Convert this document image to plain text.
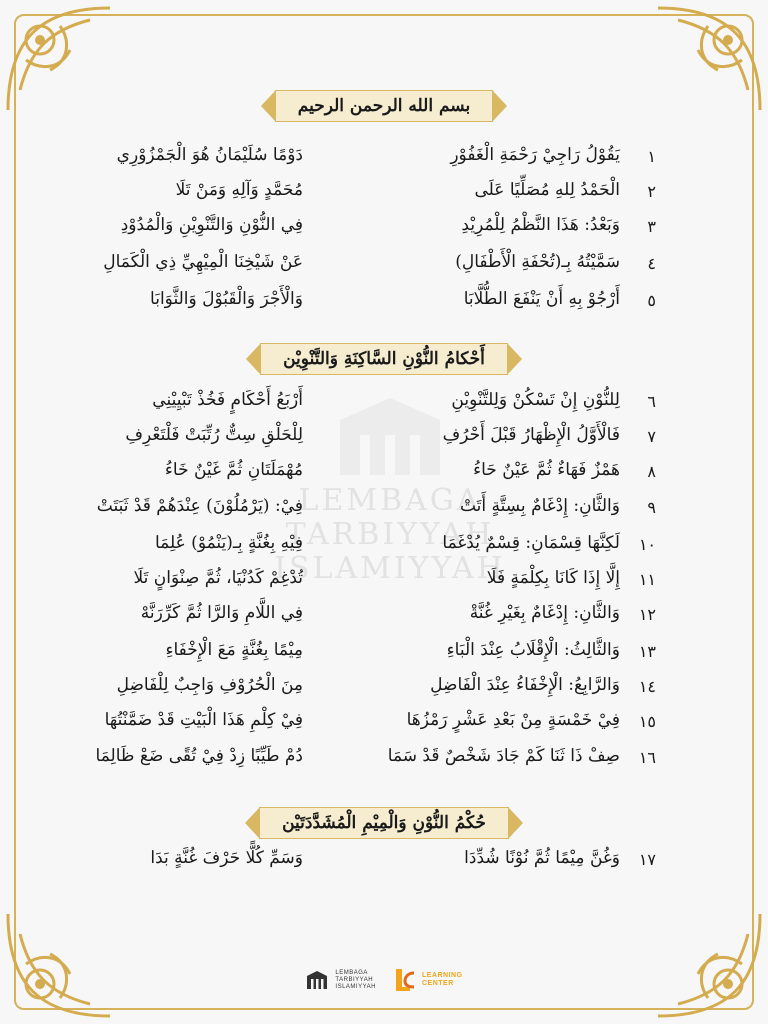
LEMBAGA
TARBIYYAH
ISLAMIYYAH
بسم الله الرحمن الرحيم
أَحْكامُ النُّوْنِ السَّاكِنَةِ وَالتَّنْوِيْن
حُكْمُ النُّوْنِ وَالْمِيْمِ الْمُشَدَّدَتَيْن
١
يَقُوْلُ رَاجِيْ رَحْمَةِ الْغَفُوْرِ
دَوْمًا سُلَيْمَانُ هُوَ الْجَمْزُوْرِي
٢
الْحَمْدُ لِلهِ مُصَلِّيًا عَلَى
مُحَمَّدٍ وَآلِهِ وَمَنْ تَلَا
٣
وَبَعْدُ: هَذَا النَّظْمُ لِلْمُرِيْدِ
فِي النُّوْنِ وَالتَّنْوِيْنِ وَالْمُدُوْدِ
٤
سَمَّيْتُهُ بِـ(تُحْفَةِ الْأَطْفَالِ)
عَنْ شَيْخِنَا الْمِيْهِيِّ ذِي الْكَمَالِ
٥
أَرْجُوْ بِهِ أَنْ يَنْفَعَ الطُّلَّابَا
وَالْأَجْرَ وَالْقَبُوْلَ وَالثَّوَابَا
٦
لِلنُّوْنِ إِنْ تَسْكُنْ وَلِلتَّنْوِيْنِ
أَرْبَعُ أَحْكَامٍ فَخُذْ تَبْيِيْنِي
٧
فَالْأَوَّلُ الْإِظْهَارُ قَبْلَ أَحْرُفِ
لِلْحَلْقِ سِتٌّ رُتِّبَتْ فَلْتَعْرِفِ
٨
هَمْزٌ فَهَاءٌ ثُمَّ عَيْنٌ حَاءُ
مُهْمَلَتَانِ ثُمَّ غَيْنٌ خَاءُ
٩
وَالثَّانِ: إِدْغَامٌ بِسِتَّةٍ أَتَتْ
فِيْ: (يَرْمُلُوْنَ) عِنْدَهُمْ قَدْ ثَبَتَتْ
١٠
لَكِنَّهَا قِسْمَانِ: قِسْمٌ يُدْغَمَا
فِيْهِ بِغُنَّةٍ بِـ(يَنْمُوْ) عُلِمَا
١١
إِلَّا إِذَا كَانَا بِكِلْمَةٍ فَلَا
تُدْغِمْ كَدُنْيَا، ثُمَّ صِنْوَانٍ تَلَا
١٢
وَالثَّانِ: إِدْغَامٌ بِغَيْرِ غُنَّةْ
فِي اللَّامِ وَالرَّا ثُمَّ كَرِّرَنَّهْ
١٣
وَالثَّالِثُ: الْإِقْلَابُ عِنْدَ الْبَاءِ
مِيْمًا بِغُنَّةٍ مَعَ الْإِخْفَاءِ
١٤
وَالرَّابِعُ: الْإِخْفَاءُ عِنْدَ الْفَاضِلِ
مِنَ الْحُرُوْفِ وَاجِبٌ لِلْفَاضِلِ
١٥
فِيْ خَمْسَةٍ مِنْ بَعْدِ عَشْرٍ رَمْزُهَا
فِيْ كِلْمِ هَذَا الْبَيْتِ قَدْ ضَمَّنْتُهَا
١٦
صِفْ ذَا ثَنَا كَمْ جَادَ شَخْصٌ قَدْ سَمَا
دُمْ طَيِّبًا زِدْ فِيْ تُقًى ضَعْ ظَالِمَا
١٧
وَغُنَّ مِيْمًا ثُمَّ نُوْنًا شُدِّدَا
وَسَمِّ كُلًّا حَرْفَ غُنَّةٍ بَدَا
LEMBAGA
TARBIYYAH
ISLAMIYYAH
LEARNING
CENTER
